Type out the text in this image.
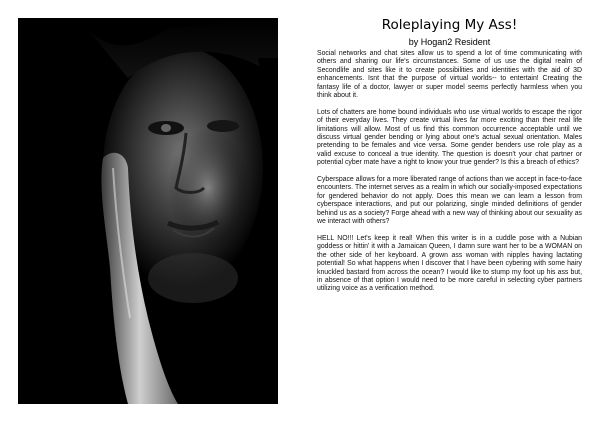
Roleplaying My Ass!
by Hogan2 Resident

Social networks and chat sites allow us to spend a lot of time communicating with others and sharing our life's circumstances. Some of us use the digital realm of Secondlife and sites like it to create possibilities and identities with the aid of 3D enhancements. Isnt that the purpose of virtual worlds-- to entertain! Creating the fantasy life of a doctor, lawyer or super model seems perfectly harmless when you think about it.

Lots of chatters are home bound individuals who use virtual worlds to escape the rigor of their everyday lives. They create virtual lives far more exciting than their real life limitations will allow. Most of us find this common occurrence acceptable until we discuss virtual gender bending or lying about one's actual sexual orientation. Males pretending to be females and vice versa. Some gender benders use role play as a valid excuse to conceal a true identity. The question is doesn't your chat partner or potential cyber mate have a right to know your true gender? Is this a breach of ethics?

Cyberspace allows for a more liberated range of actions than we accept in face-to-face encounters. The internet serves as a realm in which our socially-imposed expectations for gendered behavior do not apply. Does this mean we can learn a lesson from cyberspace interactions, and put our polarizing, single minded definitions of gender behind us as a society? Forge ahead with a new way of thinking about our sexuality as we interact with others?

HELL NO!!! Let's keep it real! When this writer is in a cuddle pose with a Nubian goddess or hittin' it with a Jamaican Queen, I damn sure want her to be a WOMAN on the other side of her keyboard. A grown ass woman with nipples having lactating potential! So what happens when I discover that I have been cybering with some hairy knuckled bastard from across the ocean? I would like to stump my foot up his ass but, in absence of that option I would need to be more careful in selecting cyber partners utilizing voice as a verification method.
